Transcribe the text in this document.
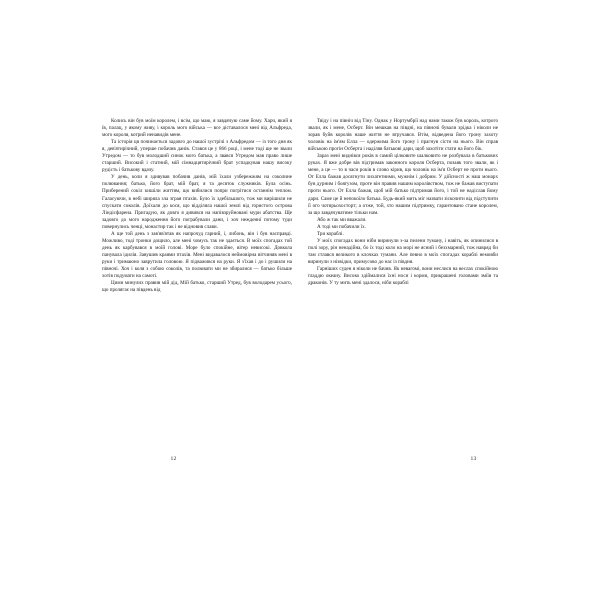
Колись він був моїм королем, і всім, що маю, я завдячую саме йому. Харч, який я їв, палац, у якому живу, і король мого війська — все діставалося мені від Альфреда, мого короля, котрий ненавидів мене.

Та історія ця починається задовго до нашої зустрічі з Альфредом — із того дня як я, дев'ятирічний, уперше побачив данів. Стався це у 866 році, і мене тоді ще не звали Утредом — то був молодший синок мого батька, а звався Утредом мав право лише старший. Високий і статний, мій сімнадцятирічний брат успадкував нашу високу рудість і батькову вдачу.

У день, коли я здивував побачив данів, мій їхали узбережжям на соколине полювання; батько, його брат, мій брат, я та десяток служників. Була осінь. Приберений сокіл кишіли життям, що вибилися попри погрітися останнім теплом. Галасуючи, в небі ширяла зла зграя птахів. Було їх здебільшого, тож ми вирішили не спускати соколів. Доїхали до кося, що відділяла нашої землі від гористого острова Ліндісфарена. Пригадую, як довго я дивився на напівзруйновані мури абатства. Ще задовго до мого народження його пограбували дани, і хоч нежденні потому туди повернулись ченці, монастир так і не відновив слави.

А ще той день з зав'яв'ятав як напрочуд гарний, і, либонь, він і був насправді. Можливо, тоді тронки дощило, але мені чомусь так не здається. В моїх спогадах той день як карбувався в моїй голові. Море було спокійне, вітер невисокі. Довкола панувала ідилія. Завушив краями птахів. Мені видавалося неймовірна вітчиняв мені в руки і тримаюно заврутила головою. Я підважився на руки. Я з'їхав і до і рушили на півночі. Хоч і коля з собою соколів, та полювати ми не збиралися — батько більше хотів подумати на самоті.

Цими минулих правив мій дід, Мій батько, старший Утред, був володарем усього, що пролягає на південь від

12

Твіду і на північ від Тіну. Однак у Нортумбрії над нами також був король, котрого звали, як і мене, Осберт. Він мешкав на півдні, на півночі бували зрідка і ніколи не зорав буйв королів наше життя не втручався. Втім, відведена його трону захоту чоловік на ім'ям Елла — одержима його трону і прагнув сісти на нього. Він справ війською прогін Осберта і наділяв батькові дари, щоб захотіти стати на його бік.

Зараз мені виднівся років в самий цілковите шалковито не розбувала в батькових руках. Я вже добре вів підтримав законного короля Осберта, позаяк того звали, як і мене, а це — то в часи років в слово кірив, що чоловік на ім'я Осберт не проти нього. От Елла бажав досягнути лихатетними, мужнім і добрим. У дійсності ж наш монарх був дурним і боягузом, проте він правив нашим королівством, тож не бажав виступати проти нього. От Елла бажав, щоб мій батько підтримав його, і той не надіслав йому дари. Саме це й непокоїло батька. Будь-який мить міг назвати зіскочити від підступити її ого чотирьохосторт; а отже, той, хто нашим підтримку, гарантовано стане королем, за що завдячуватиме тільки нам.

Або ж так ми вважали.

А тоді ми побачили їх.

Три кораблі.

У моїх спогадах вони ніби виринули з-за пелени туману, і навіть, як опинилися в полі зору, рін ненадійна, бо їх тоді коло на морі не ясний і безхмарний, тож навряд би там стлався великого в клочках тумани. Але певно в моїх спогадах кораблі немовби виринули з нізвідки, примусово до нас із півдня.

Гарніших суден я ніколи не бачив. Як невагомі, вони неслися на веслах спокійною гладдю океану. Високо здіймалися їхні носи і корми, прикрашені головами зміїв та драконів. У ту мить мені здалося, ніби кораблі

13
